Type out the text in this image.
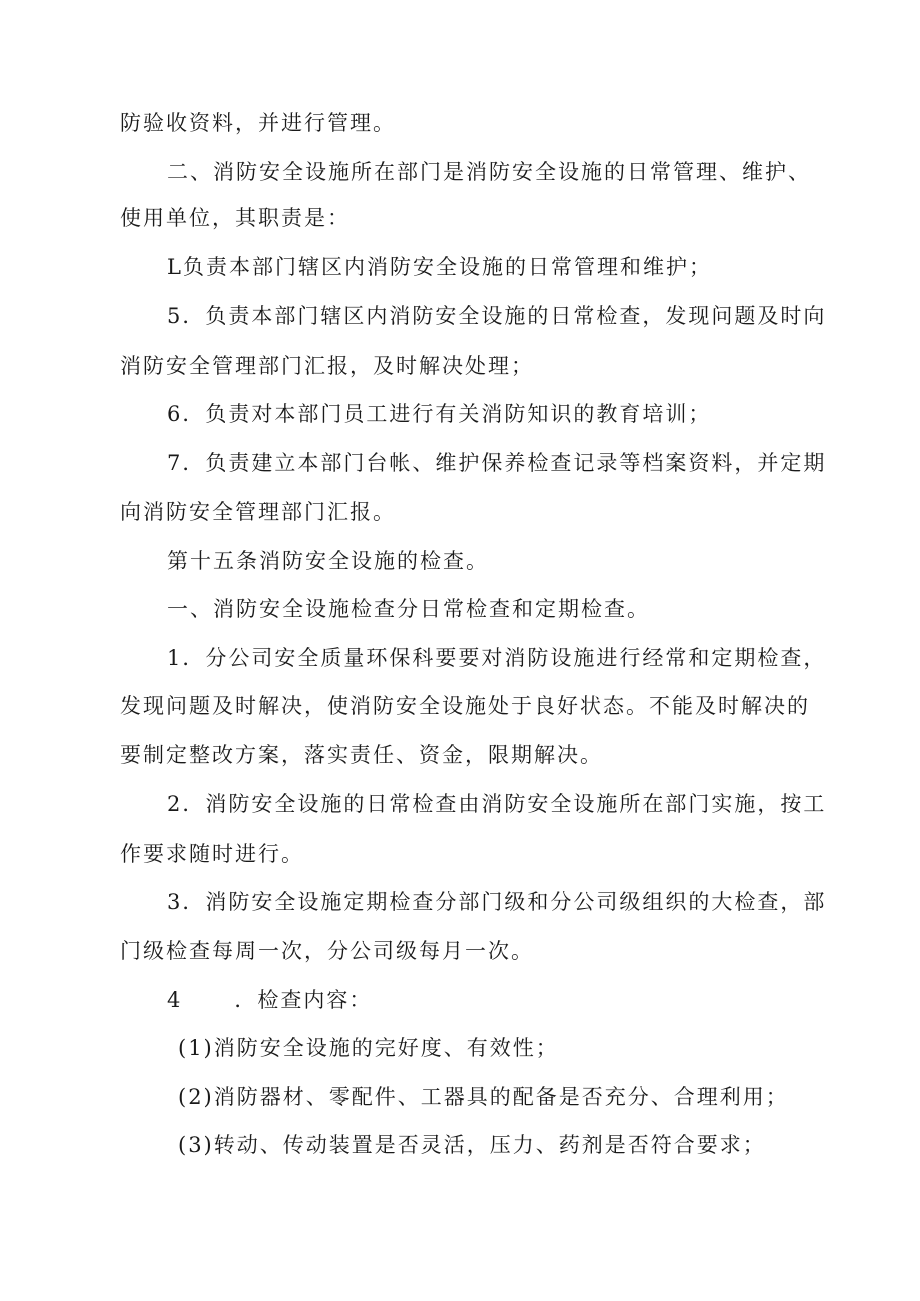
防验收资料，并进行管理。
二、消防安全设施所在部门是消防安全设施的日常管理、维护、
使用单位，其职责是：
L负责本部门辖区内消防安全设施的日常管理和维护；
5．负责本部门辖区内消防安全设施的日常检查，发现问题及时向
消防安全管理部门汇报，及时解决处理；
6．负责对本部门员工进行有关消防知识的教育培训；
7．负责建立本部门台帐、维护保养检查记录等档案资料，并定期
向消防安全管理部门汇报。
第十五条消防安全设施的检查。
一、消防安全设施检查分日常检查和定期检查。
1．分公司安全质量环保科要要对消防设施进行经常和定期检查，
发现问题及时解决，使消防安全设施处于良好状态。不能及时解决的
要制定整改方案，落实责任、资金，限期解决。
2．消防安全设施的日常检查由消防安全设施所在部门实施，按工
作要求随时进行。
3．消防安全设施定期检查分部门级和分公司级组织的大检查，部
门级检查每周一次，分公司级每月一次。
4 ．检查内容：
(1)消防安全设施的完好度、有效性；
(2)消防器材、零配件、工器具的配备是否充分、合理利用；
(3)转动、传动装置是否灵活，压力、药剂是否符合要求；
